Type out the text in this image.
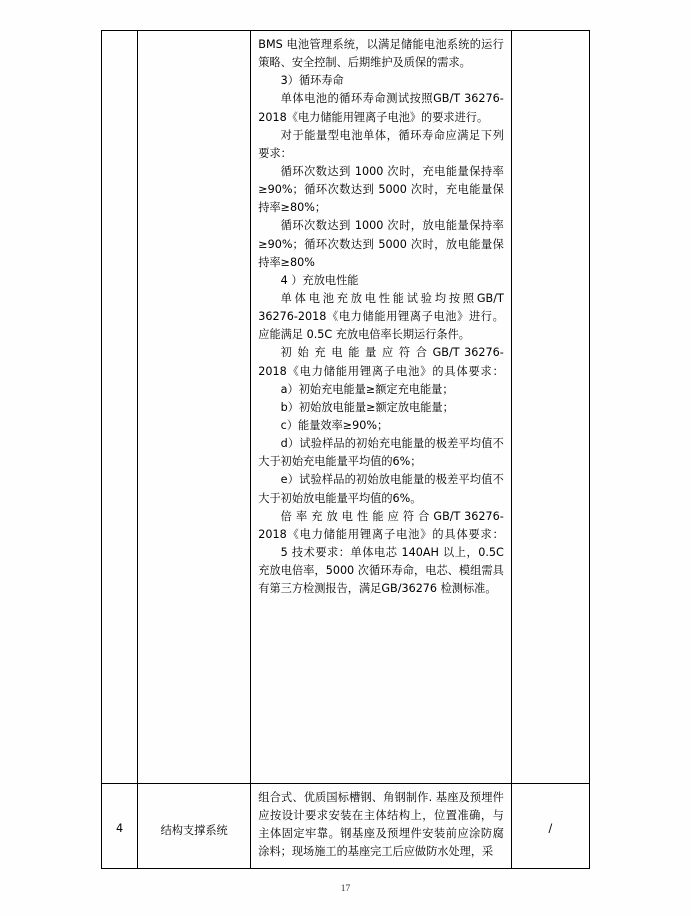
BMS 电池管理系统，以满足储能电池系统的运行策略、安全控制、后期维护及质保的需求。

3）循环寿命

单体电池的循环寿命测试按照GB/T 36276-2018《电力储能用锂离子电池》的要求进行。

对于能量型电池单体，循环寿命应满足下列要求：

循环次数达到 1000 次时，充电能量保持率≥90%；循环次数达到 5000 次时，充电能量保持率≥80%；

循环次数达到 1000 次时，放电能量保持率≥90%；循环次数达到 5000 次时，放电能量保持率≥80%

4 ）充放电性能

单体电池充放电性能试验均按照GB/T 36276-2018《电力储能用锂离子电池》进行。应能满足 0.5C 充放电倍率长期运行条件。

初 始 充 电 能 量 应 符 合 GB/T 36276-2018《电力储能用锂离子电池》的具体要求：

a）初始充电能量≥额定充电能量；

b）初始放电能量≥额定放电能量；

c）能量效率≥90%；

d）试验样品的初始充电能量的极差平均值不大于初始充电能量平均值的6%；

e）试验样品的初始放电能量的极差平均值不大于初始放电能量平均值的6%。

倍 率 充 放 电 性 能 应 符 合 GB/T 36276-2018《电力储能用锂离子电池》的具体要求：

5 技术要求：单体电芯 140AH 以上，0.5C 充放电倍率，5000 次循环寿命，电芯、模组需具有第三方检测报告，满足GB/36276 检测标准。

4	结构支撑系统	组合式、优质国标槽钢、角钢制作. 基座及预埋件应按设计要求安装在主体结构上，位置准确，与主体固定牢靠。钢基座及预埋件安装前应涂防腐涂料；现场施工的基座完工后应做防水处理，采	/
17
